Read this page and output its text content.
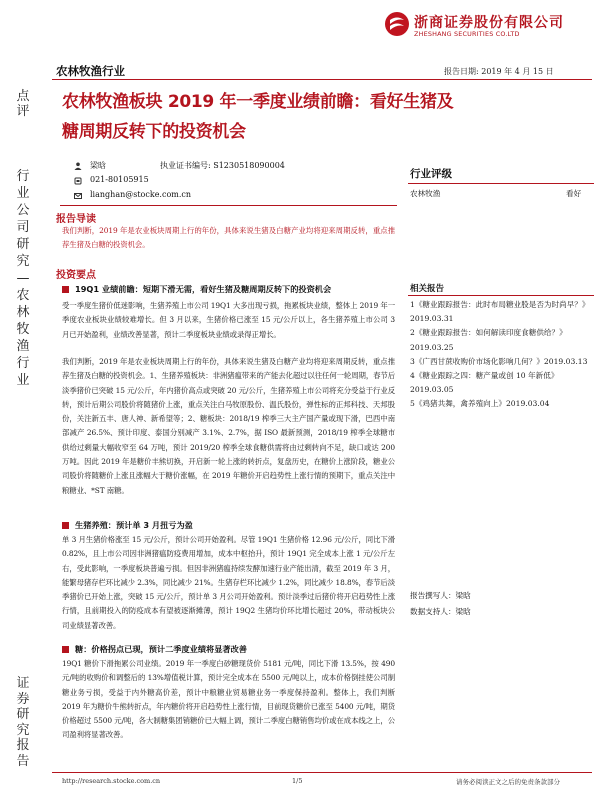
浙商证券股份有限公司
ZHESHANG SECURITIES CO.LTD
农林牧渔行业	报告日期: 2019 年 4 月 15 日
点评
行业公司研究—农林牧渔行业
证券研究报告
农林牧渔板块 2019 年一季度业绩前瞻：看好生猪及
糖周期反转下的投资机会
梁晗	执业证书编号: S1230518090004
021-80105915
lianghan@stocke.com.cn
报告导读
我们判断，2019 年是农业板块周期上行的年份，具体来说生猪及白糖产业均将迎来周期反转，重点推荐生猪及白糖的投资机会。
投资要点
19Q1 业绩前瞻：短期下滑无需，看好生猪及糖周期反转下的投资机会
受一季度生猪价低迷影响，生猪养殖上市公司 19Q1 大多出现亏损，拖累板块业绩，整体上 2019 年一季度农业板块业绩较难增长。但 3 月以来，生猪价格已涨至 15 元/公斤以上，各生猪养殖上市公司 3 月已开始盈利，业绩改善显著，预计二季度板块业绩或录得正增长。
我们判断，2019 年是农业板块周期上行的年份，具体来说生猪及白糖产业均将迎来周期反转，重点推荐生猪及白糖的投资机会。1、生猪养殖板块：非洲猪瘟带来的产能去化超过以往任何一轮周期，春节后淡季猪价已突破 15 元/公斤，年内猪价高点或突破 20 元/公斤，生猪养殖上市公司将充分受益于行业反转，预计后期公司股价将随猪价上涨，重点关注白马牧原股份、温氏股份，弹性标的正邦科技、天邦股份，关注新五丰、唐人神、新希望等；2、糖板块：2018/19 榨季三大主产国产量或现下滑，巴西中南部减产 26.5%、预计印度、泰国分别减产 3.1%、2.7%，据 ISO 最新预测，2018/19 榨季全球糖市供给过剩量大幅收窄至 64 万吨，预计 2019/20 榨季全球食糖供需将由过剩转向不足，缺口或达 200 万吨。因此 2019 年是糖价丰熊切换，开启新一轮上涨的转折点，复盘历史，在糖价上涨阶段，糖业公司股价将随糖价上涨且涨幅大于糖价涨幅，在 2019 年糖价开启趋势性上涨行情的预期下，重点关注中粮糖业、*ST 南糖。
生猪养殖：预计单 3 月扭亏为盈
单 3 月生猪价格涨至 15 元/公斤，预计公司开始盈利。尽管 19Q1 生猪价格 12.96 元/公斤，同比下滑 0.82%，且上市公司因非洲猪瘟防疫费用增加，成本中枢抬升，预计 19Q1 完全成本上涨 1 元/公斤左右，受此影响，一季度板块普遍亏损。但因非洲猪瘟持续发酵加速行业产能出清，截至 2019 年 3 月，能繁母猪存栏环比减少 2.3%，同比减少 21%。生猪存栏环比减少 1.2%，同比减少 18.8%，春节后淡季猪价已开始上涨，突破 15 元/公斤，预计单 3 月公司开始盈利。预计淡季过后猪价将开启趋势性上涨行情，且前期投入的防疫成本有望被逐渐摊薄，预计 19Q2 生猪均价环比增长超过 20%，带动板块公司业绩显著改善。
糖：价格拐点已现，预计二季度业绩将显著改善
19Q1 糖价下滑拖累公司业绩。2019 年一季度白砂糖现货价 5181 元/吨，同比下滑 13.5%，按 490 元/吨的收购价和调整后的 13%增值税计算，预计完全成本在 5500 元/吨以上，成本价格倒挂使公司制糖业务亏损，受益于内外糖高价差，预计中粮糖业贸易糖业务一季度保持盈利。整体上，我们判断 2019 年为糖价牛熊转折点，年内糖价将开启趋势性上涨行情，目前现货糖价已涨至 5400 元/吨，期货价格超过 5500 元/吨，各大制糖集团销糖价已大幅上调，预计二季度白糖销售均价或在成本线之上，公司盈利将显著改善。
行业评级
农林牧渔	看好
相关报告
1《糖业跟踪报告：此时布局糖业股是否为时尚早？》2019.03.31
2《糖业跟踪报告：如何解读印度食糖供给？》2019.03.25
3《广西甘蔗收购价市场化影响几何？》2019.03.13
4《糖业跟踪之四：糖产量或创 10 年新低》2019.03.05
5《鸡猪共舞，禽养殖向上》2019.03.04
报告撰写人：梁晗
数据支持人：梁晗
http://research.stocke.com.cn	1/5	请务必阅读正文之后的免责条款部分
